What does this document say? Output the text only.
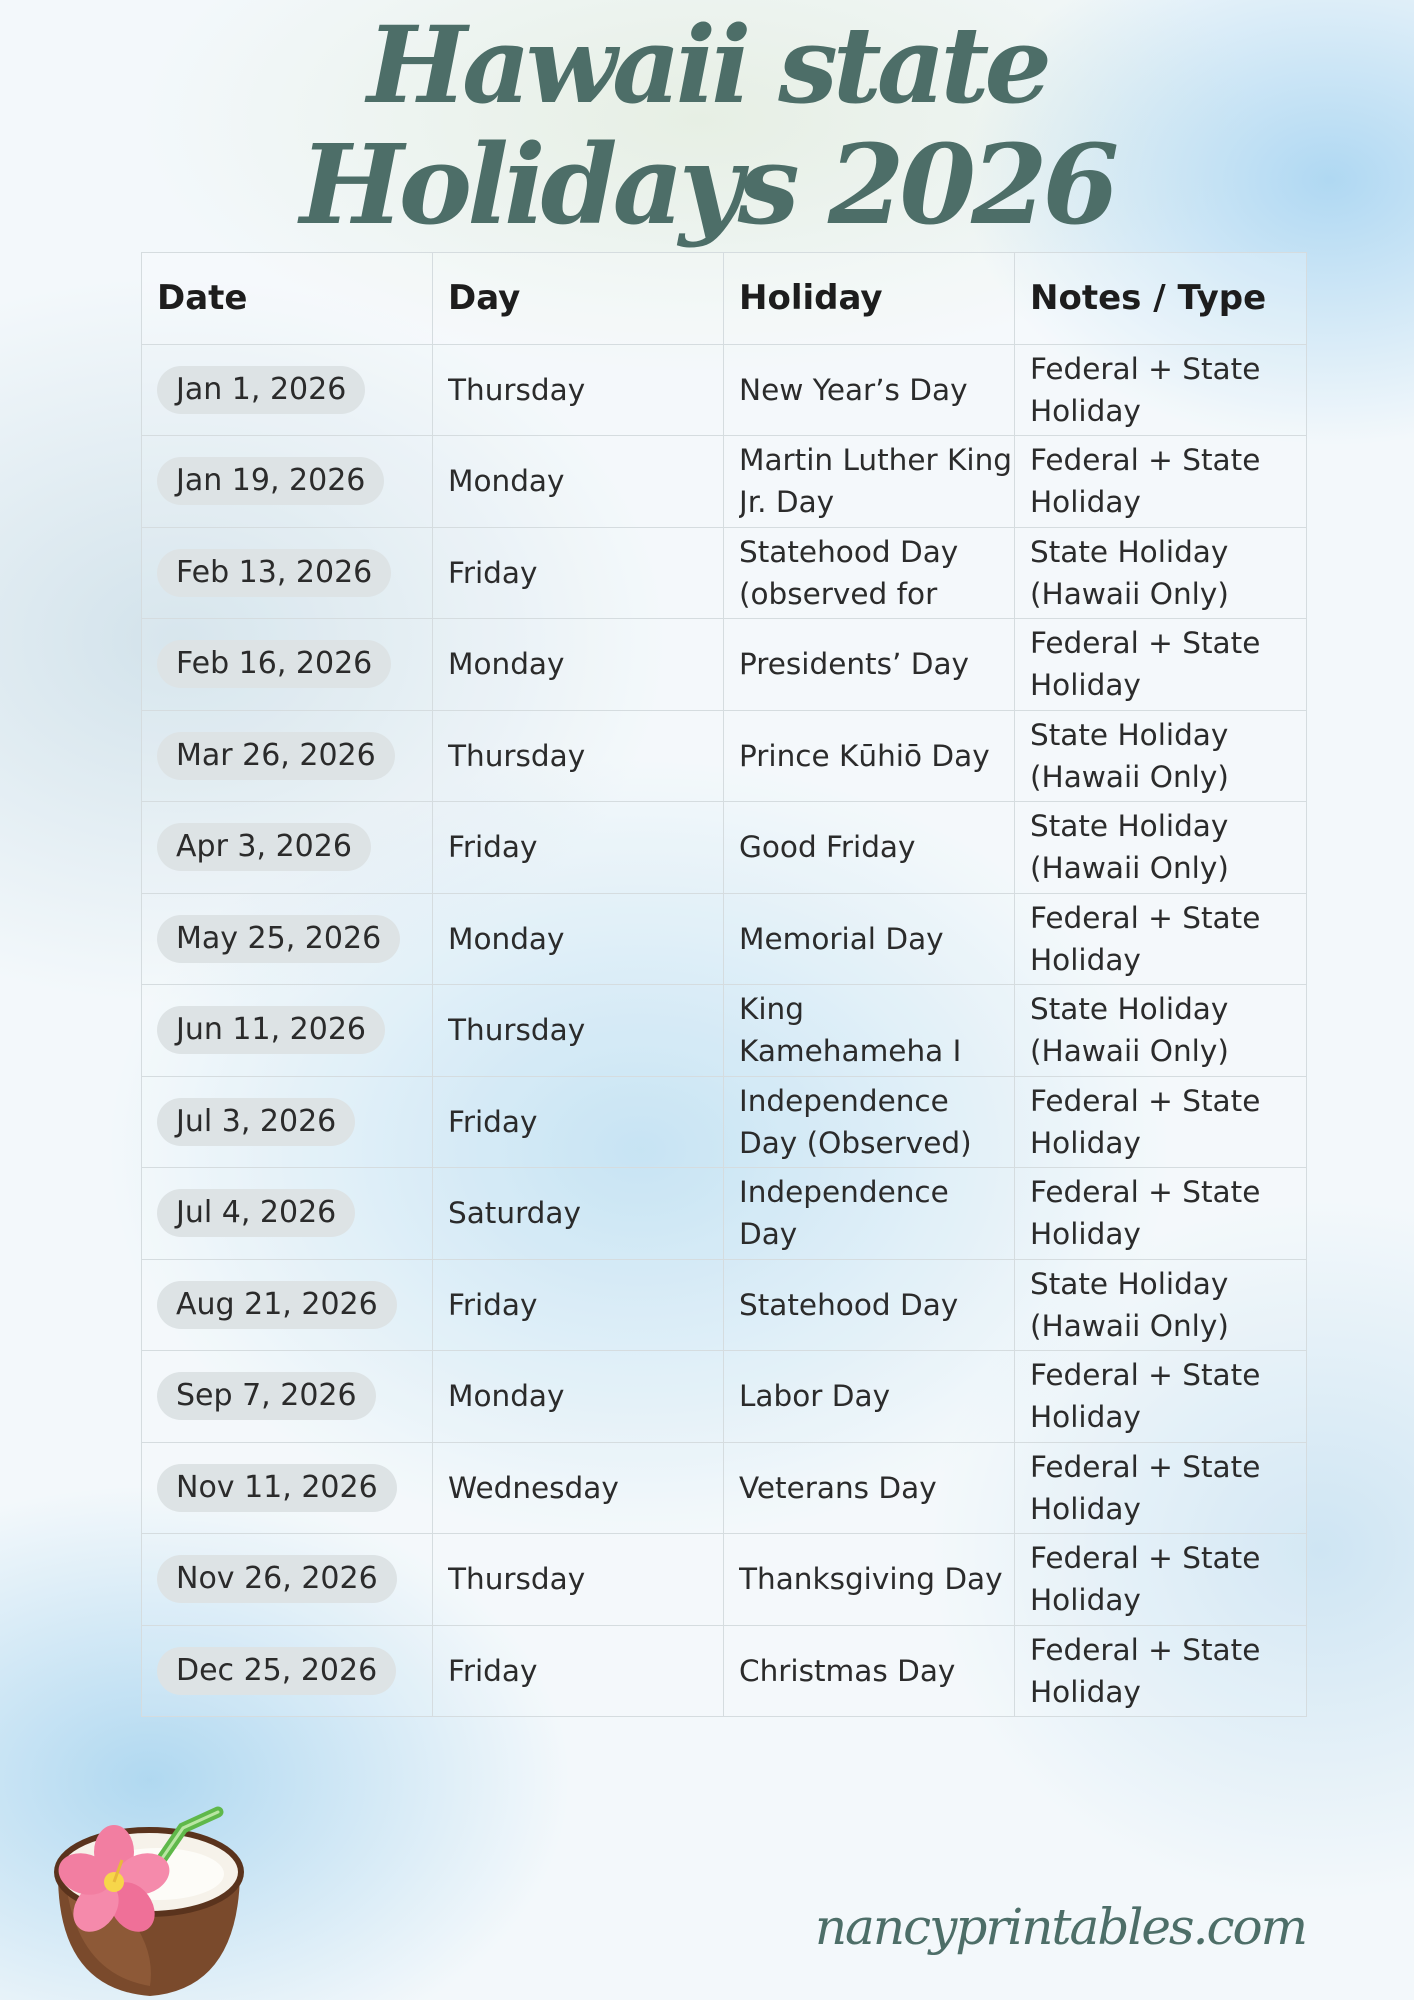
Hawaii state
Holidays 2026
Date	Day	Holiday	Notes / Type
Jan 1, 2026	Thursday	New Year’s Day	Federal + State Holiday

Jan 19, 2026	Monday	Martin Luther King Jr. Day	Federal + State Holiday

Feb 13, 2026	Friday	Statehood Day (observed for	State Holiday (Hawaii Only)

Feb 16, 2026	Monday	Presidents’ Day	Federal + State Holiday

Mar 26, 2026	Thursday	Prince Kūhiō Day	State Holiday (Hawaii Only)

Apr 3, 2026	Friday	Good Friday	State Holiday (Hawaii Only)

May 25, 2026	Monday	Memorial Day	Federal + State Holiday

Jun 11, 2026	Thursday	King Kamehameha I	State Holiday (Hawaii Only)

Jul 3, 2026	Friday	Independence Day (Observed)	Federal + State Holiday

Jul 4, 2026	Saturday	Independence Day	Federal + State Holiday

Aug 21, 2026	Friday	Statehood Day	State Holiday (Hawaii Only)

Sep 7, 2026	Monday	Labor Day	Federal + State Holiday

Nov 11, 2026	Wednesday	Veterans Day	Federal + State Holiday

Nov 26, 2026	Thursday	Thanksgiving Day	Federal + State Holiday

Dec 25, 2026	Friday	Christmas Day	Federal + State Holiday

nancyprintables.com
